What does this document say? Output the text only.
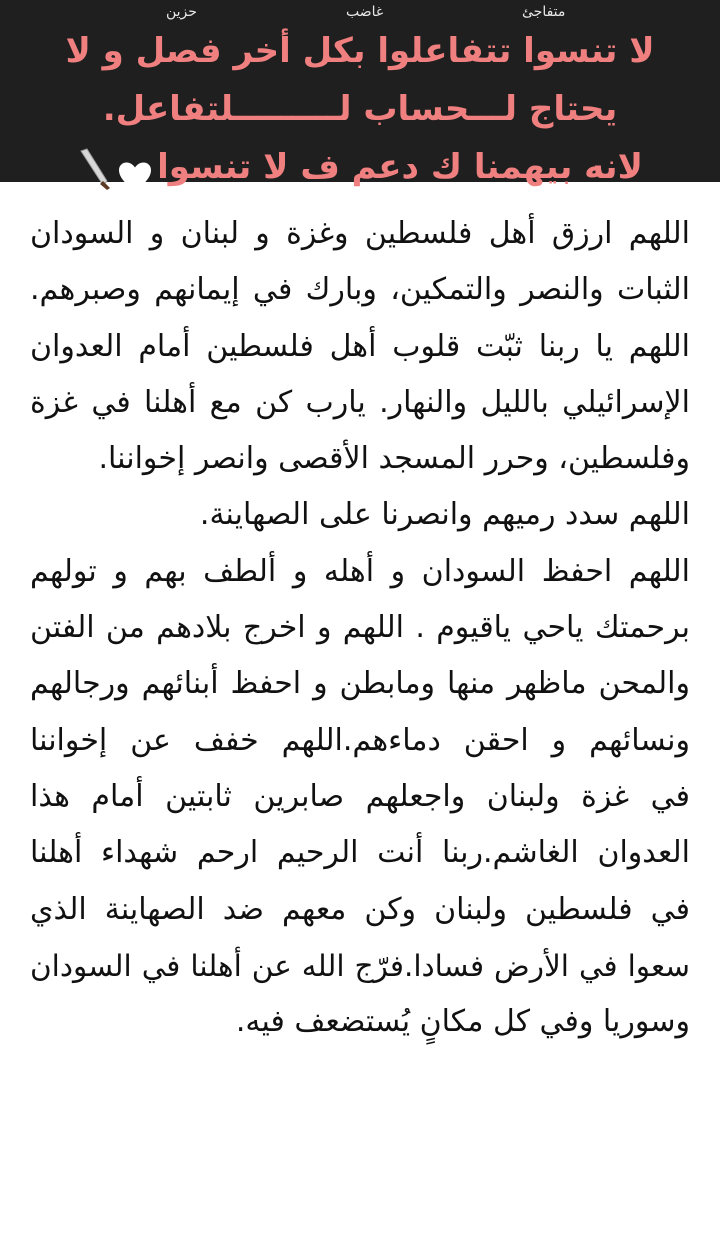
متفاجئ
غاضب
حزين
لا تنسوا تتفاعلوا بكل أخر فصل و لا
يحتاج لـــحساب لـــــــــلتفاعل.
لانه بيهمنا ك دعم ف لا تنسوا
اللهم ارزق أهل فلسطين وغزة و لبنان و السودان
الثبات والنصر والتمكين، وبارك في إيمانهم وصبرهم.
اللهم يا ربنا ثبّت قلوب أهل فلسطين أمام العدوان
الإسرائيلي بالليل والنهار. يارب كن مع أهلنا في غزة
وفلسطين، وحرر المسجد الأقصى وانصر إخواننا.
اللهم سدد رميهم وانصرنا على الصهاينة.
اللهم احفظ السودان و أهله و ألطف بهم و تولهم
برحمتك ياحي ياقيوم . اللهم و اخرج بلادهم من الفتن
والمحن ماظهر منها ومابطن و احفظ أبنائهم ورجالهم
ونسائهم و احقن دماءهم.اللهم خفف عن إخواننا
في غزة ولبنان واجعلهم صابرين ثابتين أمام هذا
العدوان الغاشم.ربنا أنت الرحيم ارحم شهداء أهلنا
في فلسطين ولبنان وكن معهم ضد الصهاينة الذي
سعوا في الأرض فسادا.فرّج الله عن أهلنا في السودان
وسوريا وفي كل مكانٍ يُستضعف فيه.
